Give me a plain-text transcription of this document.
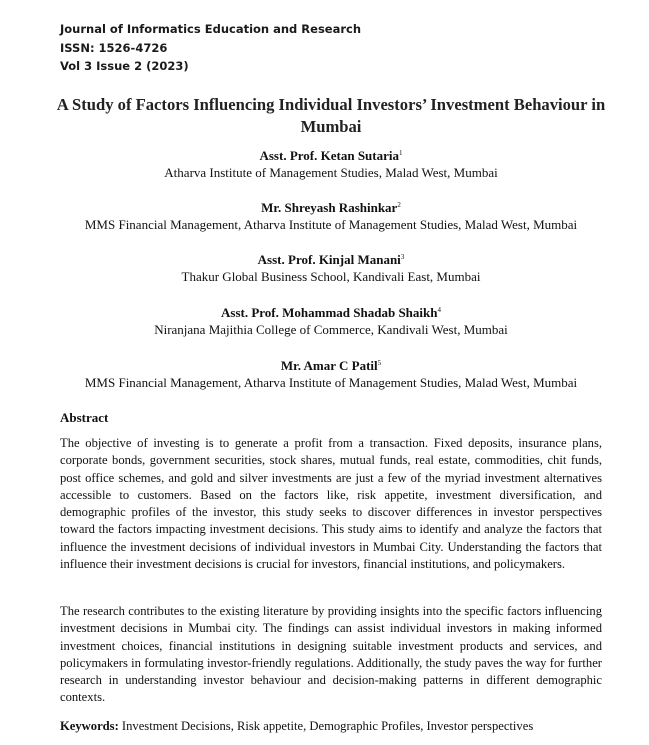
Journal of Informatics Education and Research
ISSN: 1526-4726
Vol 3 Issue 2 (2023)
A Study of Factors Influencing Individual Investors’ Investment Behaviour in Mumbai
Asst. Prof. Ketan Sutaria$^1$
Atharva Institute of Management Studies, Malad West, Mumbai
Mr. Shreyash Rashinkar$^2$
MMS Financial Management, Atharva Institute of Management Studies, Malad West, Mumbai
Asst. Prof. Kinjal Manani$^3$
Thakur Global Business School, Kandivali East, Mumbai
Asst. Prof. Mohammad Shadab Shaikh$^4$
Niranjana Majithia College of Commerce, Kandivali West, Mumbai
Mr. Amar C Patil$^5$
MMS Financial Management, Atharva Institute of Management Studies, Malad West, Mumbai
Abstract
The objective of investing is to generate a profit from a transaction. Fixed deposits, insurance plans, corporate bonds, government securities, stock shares, mutual funds, real estate, commodities, chit funds, post office schemes, and gold and silver investments are just a few of the myriad investment alternatives accessible to customers. Based on the factors like, risk appetite, investment diversification, and demographic profiles of the investor, this study seeks to discover differences in investor perspectives toward the factors impacting investment decisions. This study aims to identify and analyze the factors that influence the investment decisions of individual investors in Mumbai City. Understanding the factors that influence their investment decisions is crucial for investors, financial institutions, and policymakers.
The research contributes to the existing literature by providing insights into the specific factors influencing investment decisions in Mumbai city. The findings can assist individual investors in making informed investment choices, financial institutions in designing suitable investment products and services, and policymakers in formulating investor-friendly regulations. Additionally, the study paves the way for further research in understanding investor behaviour and decision-making patterns in different demographic contexts.
Keywords: Investment Decisions, Risk appetite, Demographic Profiles, Investor perspectives
